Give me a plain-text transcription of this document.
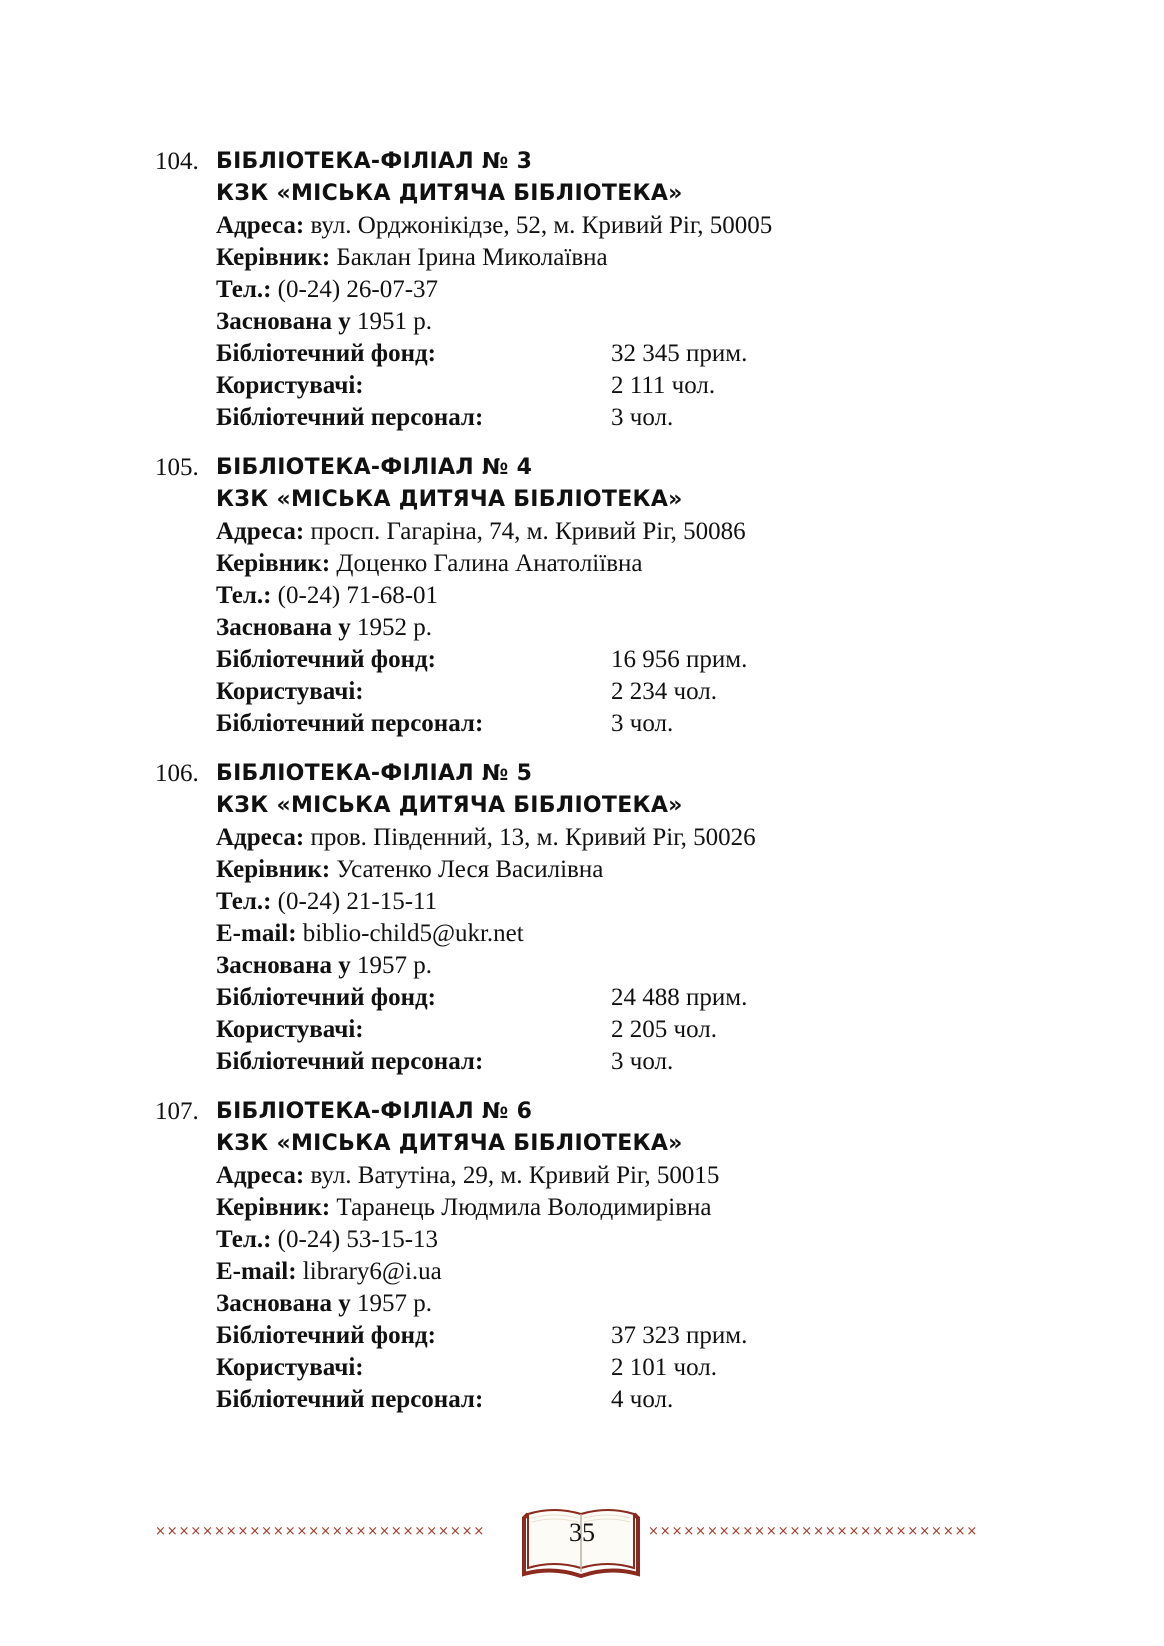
104. БІБЛІОТЕКА-ФІЛІАЛ № 3
КЗК «МІСЬКА ДИТЯЧА БІБЛІОТЕКА»
Адреса: вул. Орджонікідзе, 52, м. Кривий Ріг, 50005
Керівник: Баклан Ірина Миколаївна
Тел.: (0-24) 26-07-37
Заснована у 1951 р.
Бібліотечний фонд:	32 345 прим.
Користувачі:	2 111 чол.
Бібліотечний персонал:	3 чол.
105. БІБЛІОТЕКА-ФІЛІАЛ № 4
КЗК «МІСЬКА ДИТЯЧА БІБЛІОТЕКА»
Адреса: просп. Гагаріна, 74, м. Кривий Ріг, 50086
Керівник: Доценко Галина Анатоліївна
Тел.: (0-24) 71-68-01
Заснована у 1952 р.
Бібліотечний фонд:	16 956 прим.
Користувачі:	2 234 чол.
Бібліотечний персонал:	3 чол.
106. БІБЛІОТЕКА-ФІЛІАЛ № 5
КЗК «МІСЬКА ДИТЯЧА БІБЛІОТЕКА»
Адреса: пров. Південний, 13, м. Кривий Ріг, 50026
Керівник: Усатенко Леся Василівна
Тел.: (0-24) 21-15-11
E-mail: biblio-child5@ukr.net
Заснована у 1957 р.
Бібліотечний фонд:	24 488 прим.
Користувачі:	2 205 чол.
Бібліотечний персонал:	3 чол.
107. БІБЛІОТЕКА-ФІЛІАЛ № 6
КЗК «МІСЬКА ДИТЯЧА БІБЛІОТЕКА»
Адреса: вул. Ватутіна, 29, м. Кривий Ріг, 50015
Керівник: Таранець Людмила Володимирівна
Тел.: (0-24) 53-15-13
E-mail: library6@i.ua
Заснована у 1957 р.
Бібліотечний фонд:	37 323 прим.
Користувачі:	2 101 чол.
Бібліотечний персонал:	4 чол.
××××××××××××××××××××××××××××	35	××××××××××××××××××××××××××××
